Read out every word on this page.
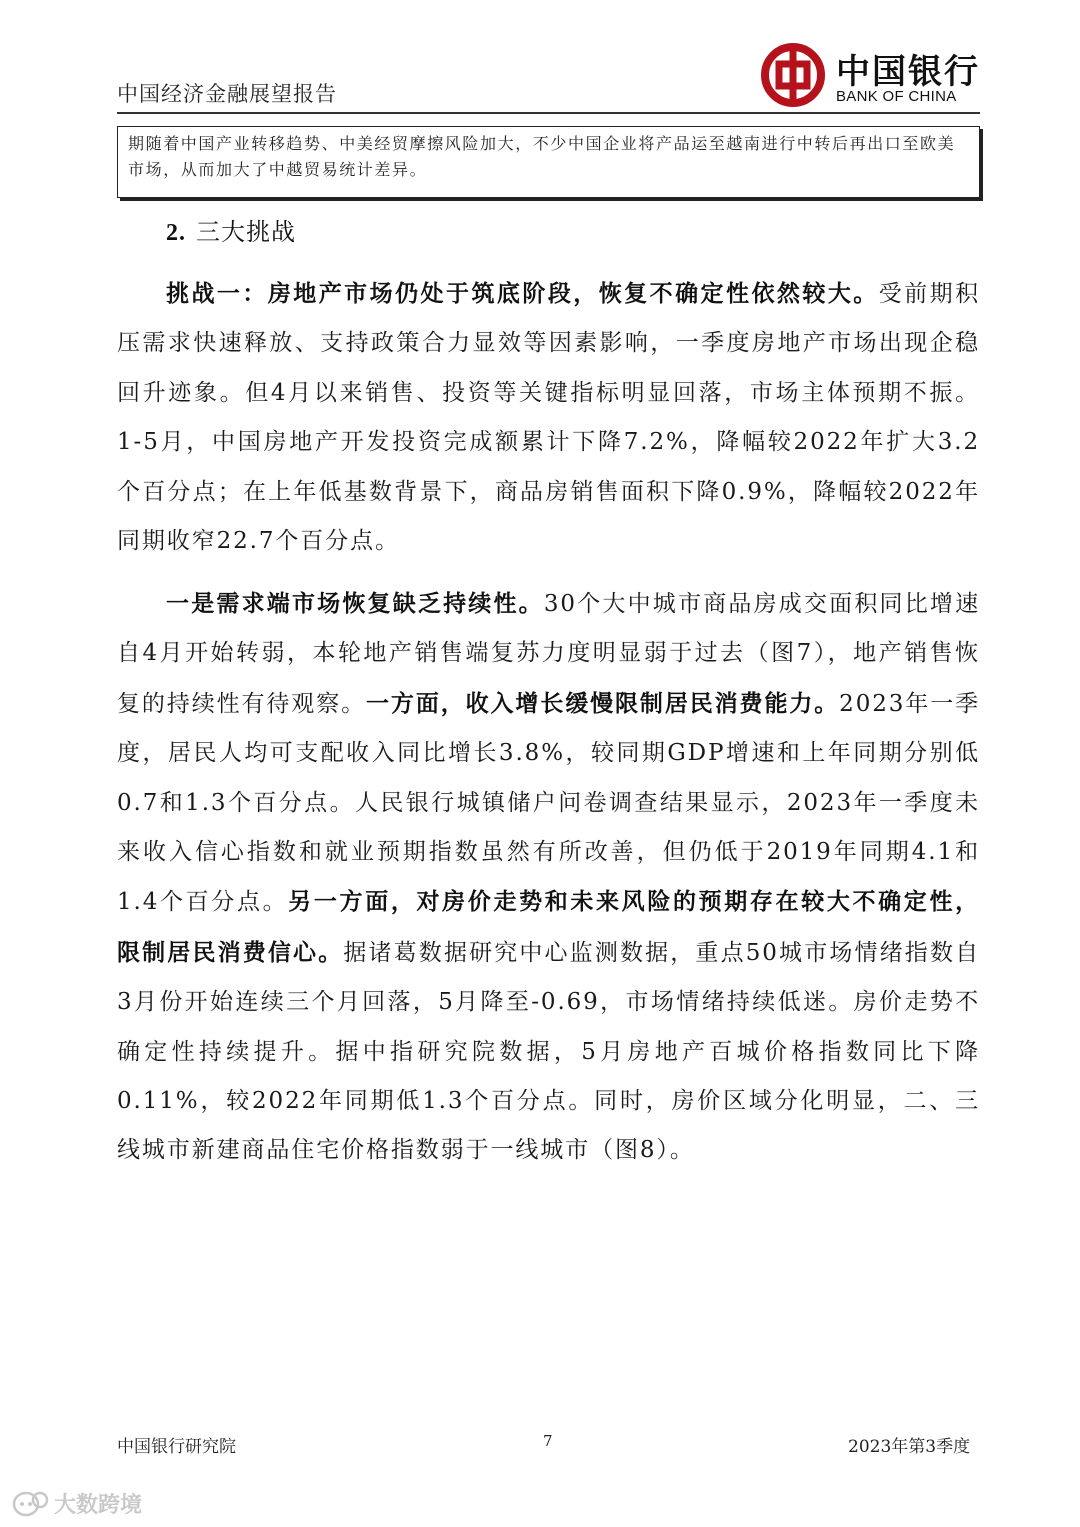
中国经济金融展望报告
中国银行
BANK OF CHINA
期随着中国产业转移趋势、中美经贸摩擦风险加大，不少中国企业将产品运至越南进行中转后再出口至欧美市场，从而加大了中越贸易统计差异。
2. 三大挑战

挑战一：房地产市场仍处于筑底阶段，恢复不确定性依然较大。受前期积压需求快速释放、支持政策合力显效等因素影响，一季度房地产市场出现企稳回升迹象。但4月以来销售、投资等关键指标明显回落，市场主体预期不振。1-5月，中国房地产开发投资完成额累计下降7.2%，降幅较2022年扩大3.2个百分点；在上年低基数背景下，商品房销售面积下降0.9%，降幅较2022年同期收窄22.7个百分点。

一是需求端市场恢复缺乏持续性。30个大中城市商品房成交面积同比增速自4月开始转弱，本轮地产销售端复苏力度明显弱于过去（图7），地产销售恢复的持续性有待观察。一方面，收入增长缓慢限制居民消费能力。2023年一季度，居民人均可支配收入同比增长3.8%，较同期GDP增速和上年同期分别低0.7和1.3个百分点。人民银行城镇储户问卷调查结果显示，2023年一季度未来收入信心指数和就业预期指数虽然有所改善，但仍低于2019年同期4.1和1.4个百分点。另一方面，对房价走势和未来风险的预期存在较大不确定性，限制居民消费信心。据诸葛数据研究中心监测数据，重点50城市场情绪指数自3月份开始连续三个月回落，5月降至-0.69，市场情绪持续低迷。房价走势不确定性持续提升。据中指研究院数据，5月房地产百城价格指数同比下降0.11%，较2022年同期低1.3个百分点。同时，房价区域分化明显，二、三线城市新建商品住宅价格指数弱于一线城市（图8）。

中国银行研究院	7	2023年第3季度
大数跨境
